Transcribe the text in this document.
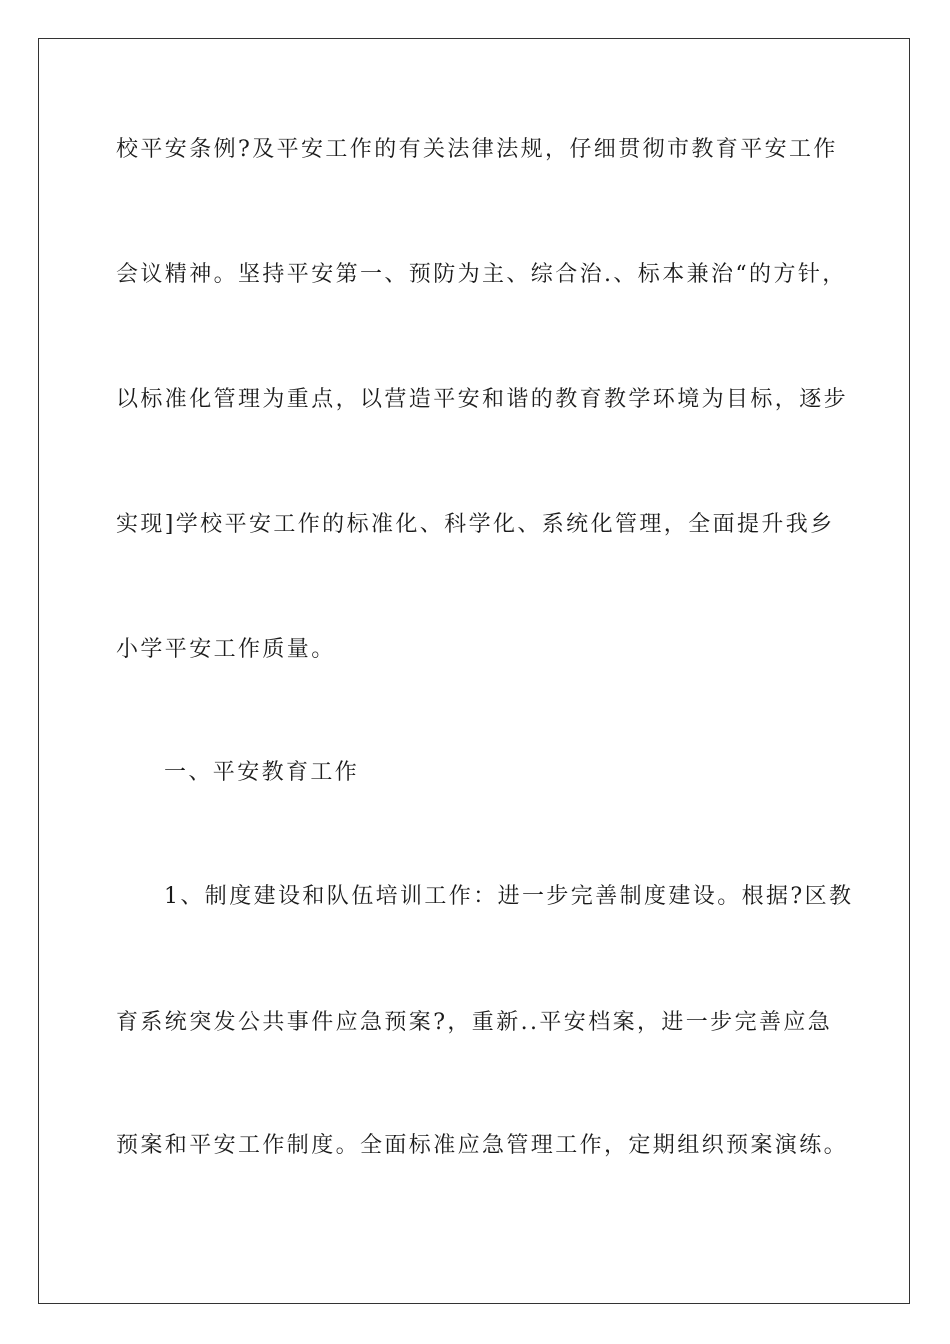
校平安条例?及平安工作的有关法律法规，仔细贯彻市教育平安工作
会议精神。坚持平安第一、预防为主、综合治.、标本兼治“的方针，
以标准化管理为重点，以营造平安和谐的教育教学环境为目标，逐步
实现]学校平安工作的标准化、科学化、系统化管理，全面提升我乡
小学平安工作质量。
一、平安教育工作
1、制度建设和队伍培训工作：进一步完善制度建设。根据?区教
育系统突发公共事件应急预案?，重新..平安档案，进一步完善应急
预案和平安工作制度。全面标准应急管理工作，定期组织预案演练。
